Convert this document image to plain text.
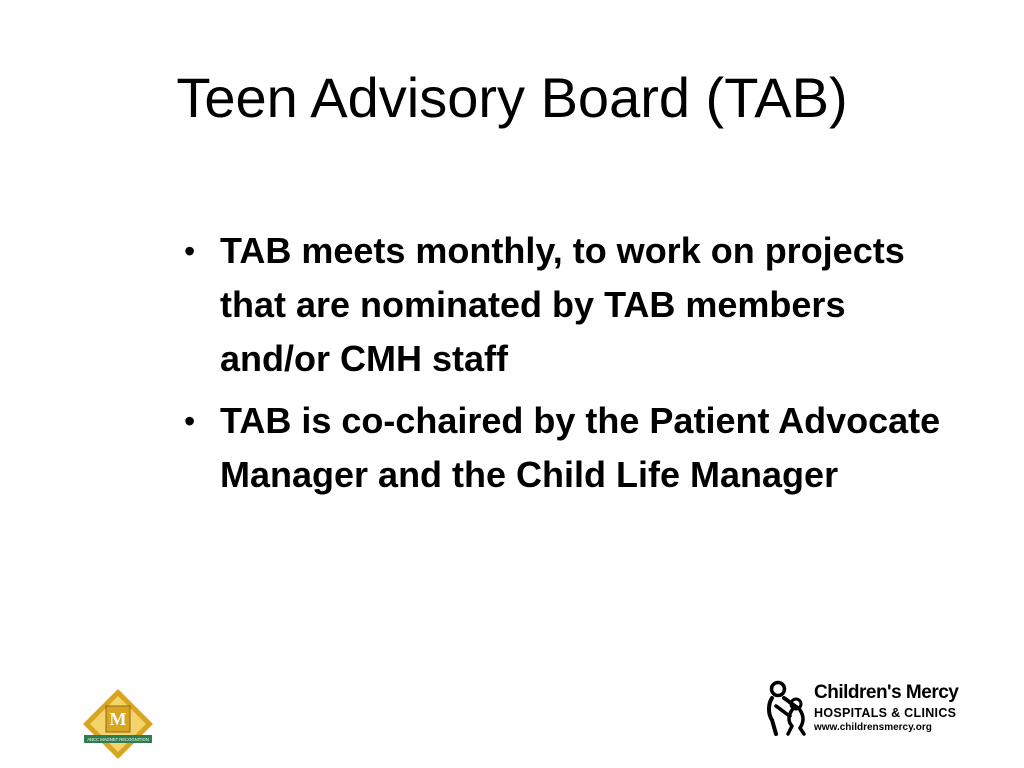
Teen Advisory Board (TAB)
• TAB meets monthly, to work on projects that are nominated by TAB members and/or CMH staff
• TAB is co-chaired by the Patient Advocate Manager and the Child Life Manager
M
ANCC MAGNET RECOGNITION
Children's Mercy
HOSPITALS & CLINICS
www.childrensmercy.org
